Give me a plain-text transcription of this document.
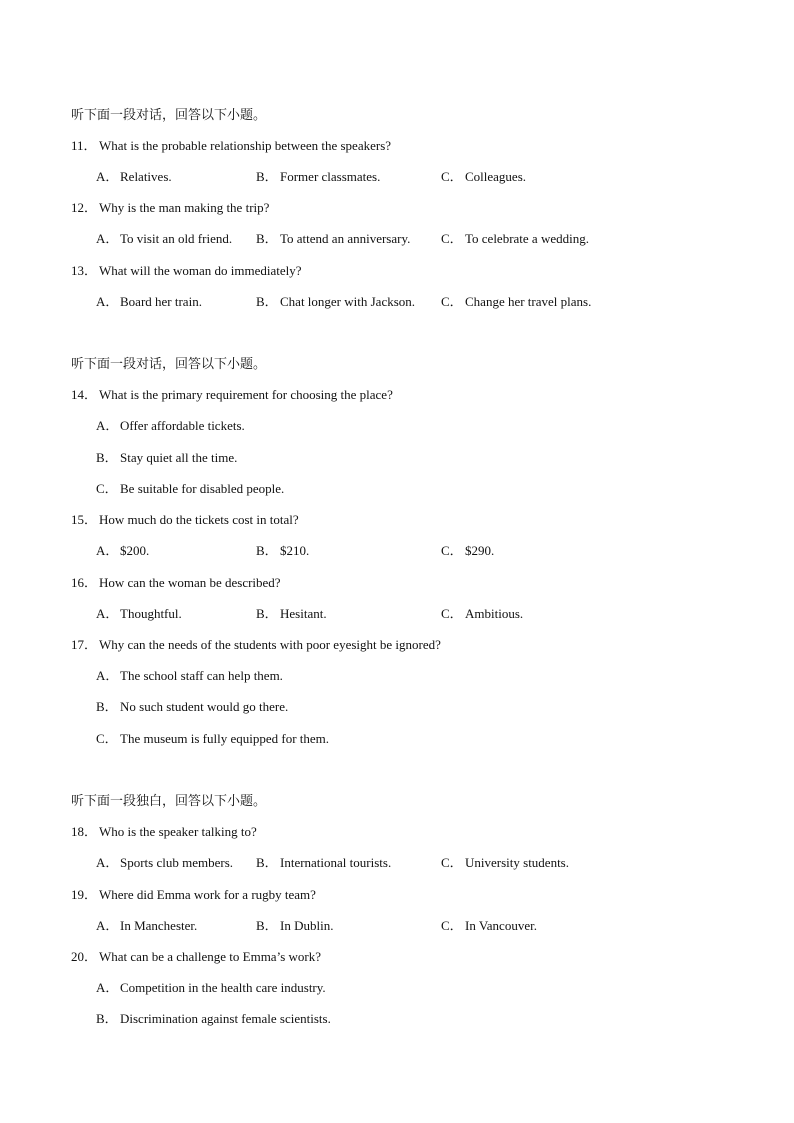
听下面一段对话，回答以下小题。
11． What is the probable relationship between the speakers?
A． Relatives.	B． Former classmates.	C． Colleagues.
12． Why is the man making the trip?
A． To visit an old friend. B． To attend an anniversary. C． To celebrate a wedding.
13． What will the woman do immediately?
A． Board her train.	B． Chat longer with Jackson. C． Change her travel plans.
听下面一段对话，回答以下小题。
14． What is the primary requirement for choosing the place?
A． Offer affordable tickets.
B． Stay quiet all the time.
C． Be suitable for disabled people.
15． How much do the tickets cost in total?
A． $200.	B． $210.	C． $290.
16． How can the woman be described?
A． Thoughtful.	B． Hesitant.	C． Ambitious.
17． Why can the needs of the students with poor eyesight be ignored?
A． The school staff can help them.
B． No such student would go there.
C． The museum is fully equipped for them.
听下面一段独白，回答以下小题。
18． Who is the speaker talking to?
A． Sports club members. B． International tourists.	C． University students.
19． Where did Emma work for a rugby team?
A． In Manchester.	B． In Dublin.	C． In Vancouver.
20． What can be a challenge to Emma’s work?
A． Competition in the health care industry.
B． Discrimination against female scientists.
